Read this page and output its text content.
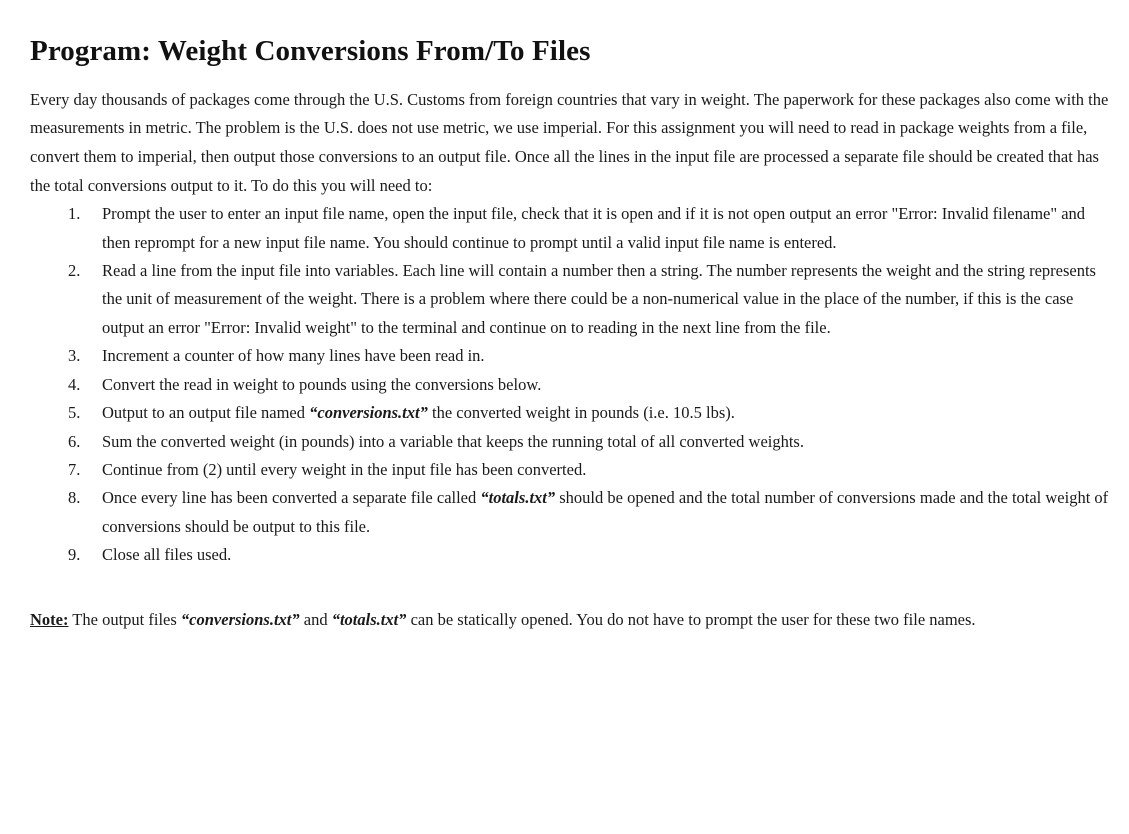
Program: Weight Conversions From/To Files

Every day thousands of packages come through the U.S. Customs from foreign countries that vary in weight. The paperwork for these packages also come with the measurements in metric. The problem is the U.S. does not use metric, we use imperial. For this assignment you will need to read in package weights from a file, convert them to imperial, then output those conversions to an output file. Once all the lines in the input file are processed a separate file should be created that has the total conversions output to it. To do this you will need to:

1.	Prompt the user to enter an input file name, open the input file, check that it is open and if it is not open output an error "Error: Invalid filename" and then reprompt for a new input file name. You should continue to prompt until a valid input file name is entered.
2.	Read a line from the input file into variables. Each line will contain a number then a string. The number represents the weight and the string represents the unit of measurement of the weight. There is a problem where there could be a non-numerical value in the place of the number, if this is the case output an error "Error: Invalid weight" to the terminal and continue on to reading in the next line from the file.
3.	Increment a counter of how many lines have been read in.
4.	Convert the read in weight to pounds using the conversions below.
5.	Output to an output file named “conversions.txt” the converted weight in pounds (i.e. 10.5 lbs).
6.	Sum the converted weight (in pounds) into a variable that keeps the running total of all converted weights.
7.	Continue from (2) until every weight in the input file has been converted.
8.	Once every line has been converted a separate file called “totals.txt” should be opened and the total number of conversions made and the total weight of conversions should be output to this file.
9.	Close all files used.

Note: The output files “conversions.txt” and “totals.txt” can be statically opened. You do not have to prompt the user for these two file names.
